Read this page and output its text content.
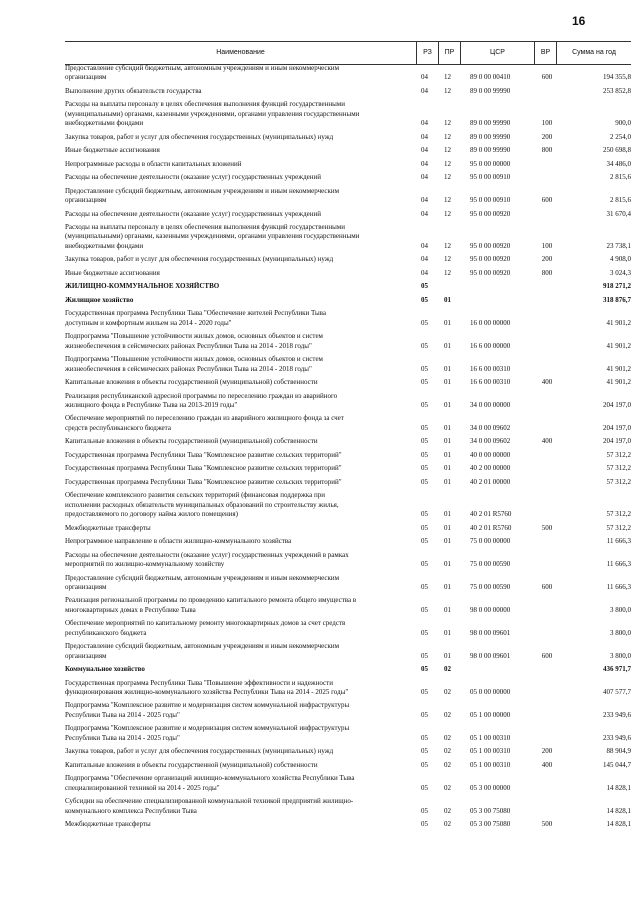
16
Наименование	РЗ	ПР	ЦСР	ВР	Сумма на год
Предоставление субсидий бюджетным, автономным учреждениям и иным некоммерческим
организациям	04 12	89 0 00 00410	600	194 355,8
Выполнение других обязательств государства	04 12	89 0 00 99990	253 852,8
Расходы на выплаты персоналу в целях обеспечения выполнения функций государственными
(муниципальными) органами, казенными учреждениями, органами управления государственными
внебюджетными фондами	04 12	89 0 00 99990	100	900,0
Закупка товаров, работ и услуг для обеспечения государственных (муниципальных) нужд	04 12	89 0 00 99990	200	2 254,0
Иные бюджетные ассигнования	04 12	89 0 00 99990	800	250 698,8
Непрограммные расходы в области капитальных вложений	04 12	95 0 00 00000	34 486,0
Расходы на обеспечение деятельности (оказание услуг) государственных учреждений	04 12	95 0 00 00910	2 815,6
Предоставление субсидий бюджетным, автономным учреждениям и иным некоммерческим
организациям	04 12	95 0 00 00910	600	2 815,6
Расходы на обеспечение деятельности (оказание услуг) государственных учреждений	04 12	95 0 00 00920	31 670,4
Расходы на выплаты персоналу в целях обеспечения выполнения функций государственными
(муниципальными) органами, казенными учреждениями, органами управления государственными
внебюджетными фондами	04 12	95 0 00 00920	100	23 738,1
Закупка товаров, работ и услуг для обеспечения государственных (муниципальных) нужд	04 12	95 0 00 00920	200	4 908,0
Иные бюджетные ассигнования	04 12	95 0 00 00920	800	3 024,3
ЖИЛИЩНО-КОММУНАЛЬНОЕ ХОЗЯЙСТВО	05	918 271,2
Жилищное хозяйство	05 01	318 876,7
Государственная программа Республики Тыва "Обеспечение жителей Республики Тыва
доступным и комфортным жильем на 2014 - 2020 годы"	05 01	16 0 00 00000	41 901,2
Подпрограмма "Повышение устойчивости жилых домов, основных объектов и систем
жизнеобеспечения в сейсмических районах Республики Тыва на 2014 - 2018 годы"	05 01	16 6 00 00000	41 901,2
Подпрограмма "Повышение устойчивости жилых домов, основных объектов и систем
жизнеобеспечения в сейсмических районах Республики Тыва на 2014 - 2018 годы"	05 01	16 6 00 00310	41 901,2
Капитальные вложения в объекты государственной (муниципальной) собственности	05 01	16 6 00 00310	400	41 901,2
Реализация республиканской адресной программы по переселению граждан из аварийного
жилищного фонда в Республике Тыва на 2013-2019 годы"	05 01	34 0 00 00000	204 197,0
Обеспечение мероприятий по переселению граждан из аварийного жилищного фонда за счет
средств республиканского бюджета	05 01	34 0 00 09602	204 197,0
Капитальные вложения в объекты государственной (муниципальной) собственности	05 01	34 0 00 09602	400	204 197,0
Государственная программа Республики Тыва "Комплексное развитие сельских территорий"	05 01	40 0 00 00000	57 312,2
Государственная программа Республики Тыва "Комплексное развитие сельских территорий"	05 01	40 2 00 00000	57 312,2
Государственная программа Республики Тыва "Комплексное развитие сельских территорий"	05 01	40 2 01 00000	57 312,2
Обеспечение комплексного развития сельских территорий (финансовая поддержка при
исполнении расходных обязательств муниципальных образований по строительству жилья,
предоставляемого по договору найма жилого помещения)	05 01	40 2 01 R5760	57 312,2
Межбюджетные трансферты	05 01	40 2 01 R5760	500	57 312,2
Непрограммное направление в области жилищно-коммунального хозяйства	05 01	75 0 00 00000	11 666,3
Расходы на обеспечение деятельности (оказание услуг) государственных учреждений в рамках
мероприятий по жилищно-коммунальному хозяйству	05 01	75 0 00 00590	11 666,3
Предоставление субсидий бюджетным, автономным учреждениям и иным некоммерческим
организациям	05 01	75 0 00 00590	600	11 666,3
Реализация региональной программы по проведению капитального ремонта общего имущества в
многоквартирных домах в Республике Тыва	05 01	98 0 00 00000	3 800,0
Обеспечение мероприятий по капитальному ремонту многоквартирных домов за счет средств
республиканского бюджета	05 01	98 0 00 09601	3 800,0
Предоставление субсидий бюджетным, автономным учреждениям и иным некоммерческим
организациям	05 01	98 0 00 09601	600	3 800,0
Коммунальное хозяйство	05 02	436 971,7
Государственная программа Республики Тыва "Повышение эффективности и надежности
функционирования жилищно-коммунального хозяйства Республики Тыва на 2014 - 2025 годы"	05 02	05 0 00 00000	407 577,7
Подпрограмма "Комплексное развитие и модернизация систем коммунальной инфраструктуры
Республики Тыва на 2014 - 2025 годы"	05 02	05 1 00 00000	233 949,6
Подпрограмма "Комплексное развитие и модернизация систем коммунальной инфраструктуры
Республики Тыва на 2014 - 2025 годы"	05 02	05 1 00 00310	233 949,6
Закупка товаров, работ и услуг для обеспечения государственных (муниципальных) нужд	05 02	05 1 00 00310	200	88 904,9
Капитальные вложения в объекты государственной (муниципальной) собственности	05 02	05 1 00 00310	400	145 044,7
Подпрограмма "Обеспечение организаций жилищно-коммунального хозяйства Республики Тыва
специализированной техникой на 2014 - 2025 годы"	05 02	05 3 00 00000	14 828,1
Субсидии на обеспечение специализированной коммунальной техникой предприятий жилищно-
коммунального комплекса Республики Тыва	05 02	05 3 00 75080	14 828,1
Межбюджетные трансферты	05 02	05 3 00 75080	500	14 828,1
